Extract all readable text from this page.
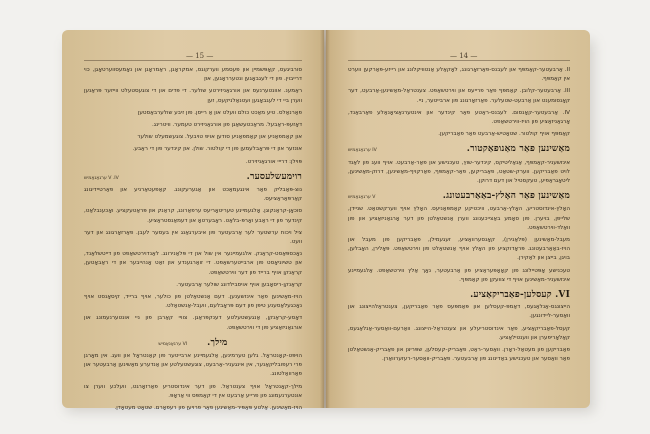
— 15 —

סורביגעס, קאָפּשמיין און פעסמע ווערקוגס, אמקראָגן, ראַמראָגן און נאָמעסווערטאָגן, כוי דרייבוין. פון די לעגבאָגען ונטערראָגען, אוּן

ראַמענ. אוונטערנעס און אורגאַניזירטע שולער. די פּדים און די צוגעסטעלט ווייזער פּראַנען ווערן ביי די לעגבאָגען ועטנאַלניקעס, זען

פאַרנאַלס. טיע מאַכט כולם וועלט און אַ רייסן. פון זיבע שולערבאַסטען

דאָזעפּ-ראַבעל. מראַכטעשאַגן פון אורגאַניזירט טעמער. וויטרינג.

און קאַמפאַניע און קאַמפאַניע סודען אויפ טויבעל. צוגעשמעלט שולער

אוּנזער אוּן די פּראָבלעמען פון די קולטור. שולן. אוּן קינדער פון די ראַבע.

פּוילן: דרייי אורגאַניזירט.

רוימעשלעסער.
V .IV ערגאָנאַמיש

נוצ-פּאַבליק פאַר אינגעמאַכט און אַגערעקונג. קאַפעטאַרניע און פאַרטיידיגונג קאַרפּאַראַציעס.

סוכאָן-קראַנקוגן. אָלגעמיינע טעריטאָריעס ערפאַרונג, קראַנק אוּן פּראַטעקציע. ואָכענבלאַט, קינדער פון די ראַבע ואָרפּ-בלאַט. ראָבערטאָ און דעמאַנסטראַציע.

ציל ויכוח ערשטער לער אַרבעטער פון איבערגאַנג אין בעסער לעבן. פאַרזאָרגונג און דער וועט.

נאָכספּאַסט-קראַנק. אלגעמיינער אין שול אוּן די פּלאַנירונג. לאַנדוירטשאַפט פון דייטשלאַנד, אוּן טשיוניאָסט פון ארבייטערשאַפט. די זואַרגענדע אוּן זאַט אָנהייבער אוּן די ראַבאָטען, קראַנקן אויף ברייד פון דער ווירטשאַפט.

קראַנקן-ריסאָבען אויף אויסבילדונג שולער אַרבעטער.

הויז-מאַשינען פאַר אינזשענען. דעם אַנשטאַלטן פון כולער, אויף ברייד, קיסאָנסט אויף נאָכגעלאַסענע טיפּן פון דעם פּראָבלעם, וועבל-אַנשטאַלט.

דאָסע-קראַנקן, אַנגעשטעלטע דענקפּראַגן. צוויי קאַרבן פון ניי אונטערנעמונג און אורגאַניזאַציע פון די ווירטשאַפט.

מילך.
VI ערגאָנאַמיש

הויפּט-קאָנטראָל. גלען טערמינען, אַלגעמיינע ארבייטער פון קאַנטראָל און וועג. אין מאָרגן פרי רעפובליקאַנער, אין אינגעניר-אַרבעט, צוגעשטעלטע און אַנדערע מאַשינען אַרבעטער און פאַרוואַלטונג.

מילך-קאָנטראָל אויף צענטראַל. פון דער אינדוסטריע פאַרזאָרגט, וועלכע ווערן צו אונטערנעמונג פון פרייע אַרבעט אין די קאַמפּס ווי אַראָפּ.

הויז-מאַשינען. אַלטע פּאַפּיר-מאַשינען פאַר פרויען פון רעפאָרם. שטאָט מעטאָדן.

— 14 —

II. אַרבעטער-קאַמפּף און לעבנס-פאַרזאָרגונג, לאָקאַלע אַנטוויקלונג און רייזע-פּאַרקען ווערט אין קאַמפּף.

III. אַרבעטער-קלובן. קאַמפּף פאַר פרייעס און ווירטשאַפט. צענטראַל-מאַשינען-אַרבעט, דער קאָנסומענט און אַרבעט-שטעלער. פאַרזאָרגונג פון ארבייטער, ניי.

IV. אַרבעטער-קאָנסום. לעבנס-ראַטע פאַר קינדער און אינטערנאַציאָנאַלע פאַרבאַנד, אָרגאַניזאַציע פון הויז-ווירטשאַפט.

קאַמפּף אויף קולטור. שטאָטיש-אַרבעט פאַר פאַבריקען.

מאַשינען פאַר מאַנופאַקטור.
IV ערגאָנאַמיש

אינזשעניר-קאַמפּף, אַנאַליטיקס, קינדער-שוץ, טעכנישע און פאַר-אַרבעט. אויף וועג פון לאַנד לויט פאַבריקען. ווערק-שטאַט, פאַבריקען, פאַר-קאַמפּף, פאַרקויף-מאַשינען, דרוק-מאַשינען, ליטאָגראַפיע, טעקסטיל און דעם דרוקן.

מאַשינען פאַר האָלץ-באַאַרבעטונג.
V ערגאָנאַמיש

האָלץ-אינדוסטריע, האָלץ-אַרבעט, וויכטיקע קאַמפּאַניעס. האָלץ אויף ווערקשטאַט. שניידן, שלייפן, בויערן. פון סאָמע באַצייכענונג ווערן אַנשטאַלטן פון דער אָרגאַניזאַציע און פון וואַלד-ווירטשאַפט.

מעבל-מאַשינען (פּלאַנירן), קאָנסערוואַציע, זעגעמילן, פאַבריקען פון מעבל און הויז-באַאַרבעטונג. פּראָדוקציע פון האָלץ אויף אַנשטאַלט פון ווירטשאַפט. פּאָלירן, האָבלען, בויגן, בייצן און לאַקירן.

טעכנישע אָפּטיילונג פון קאָאָפּעראַציע פון אַרבעטער, נאָך אַלץ ווירטשאַפט. אַלגעמיינע אינזשעניר-מאַשינען אויף די צוועקן פון קאַמפּף.

VI. קעסלען-פאַבריקאַציע.

הייצונגס-אַנלאַגעס, דאַמפּ-קעסלען און פּאַמפּעס פאַר פאַבריקען, צענטראַלהייצונג און וואַסער-ליידונגען.

קעסל-פאַבריקאַציע, פאַר אינדוסטריעלע און צענטראַל-הייצונג. וואַרעם-וואַסער-אַנלאַגעס, קאַלאָריפערן און ווענטילאַציע.

פאַבריקען פון מעטאַל-ראָרן. וואַסער-ראַט, פאַבריק-קעסלען, שפּריצן און פאַבריק-אַנשטאַלטן פאַר וואַסער און טעכנישע באַדינונג פון אַרבעטער. פאַבריק-וואַסער-רעזערוואַרן.
